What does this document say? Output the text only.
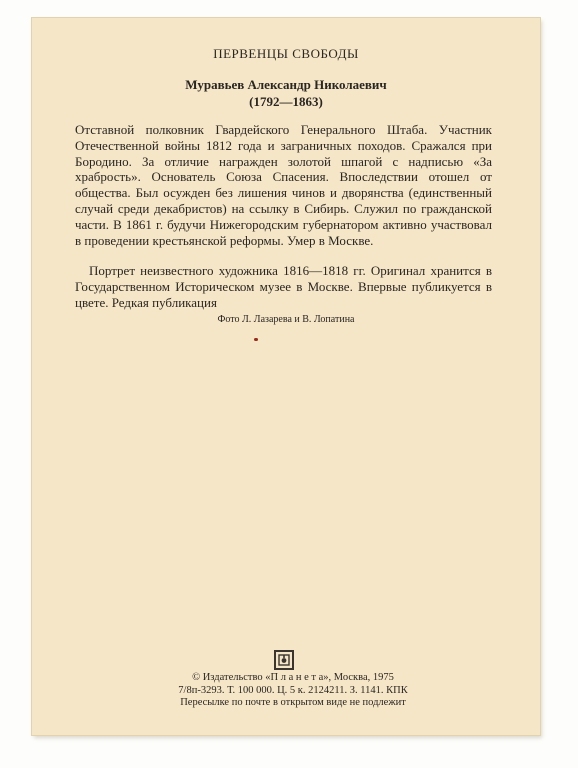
ПЕРВЕНЦЫ СВОБОДЫ
Муравьев Александр Николаевич
(1792—1863)

Отставной полковник Гвардейского Генерального Штаба. Участник Отечественной войны 1812 года и заграничных походов. Сражался при Бородино. За отличие награжден золотой шпагой с надписью «За храбрость». Основатель Союза Спасения. Впоследствии отошел от общества. Был осужден без лишения чинов и дворянства (единственный случай среди декабристов) на ссылку в Сибирь. Служил по гражданской части. В 1861 г. будучи Нижегородским губернатором активно участвовал в проведении крестьянской реформы. Умер в Москве.

Портрет неизвестного художника 1816—1818 гг. Оригинал хранится в Государственном Историческом музее в Москве. Впервые публикуется в цвете. Редкая публикация

Фото Л. Лазарева и В. Лопатина
© Издательство «П л а н е т а», Москва, 1975
7/8п-3293. Т. 100 000. Ц. 5 к. 2124211. З. 1141. КПК
Пересылке по почте в открытом виде не подлежит
